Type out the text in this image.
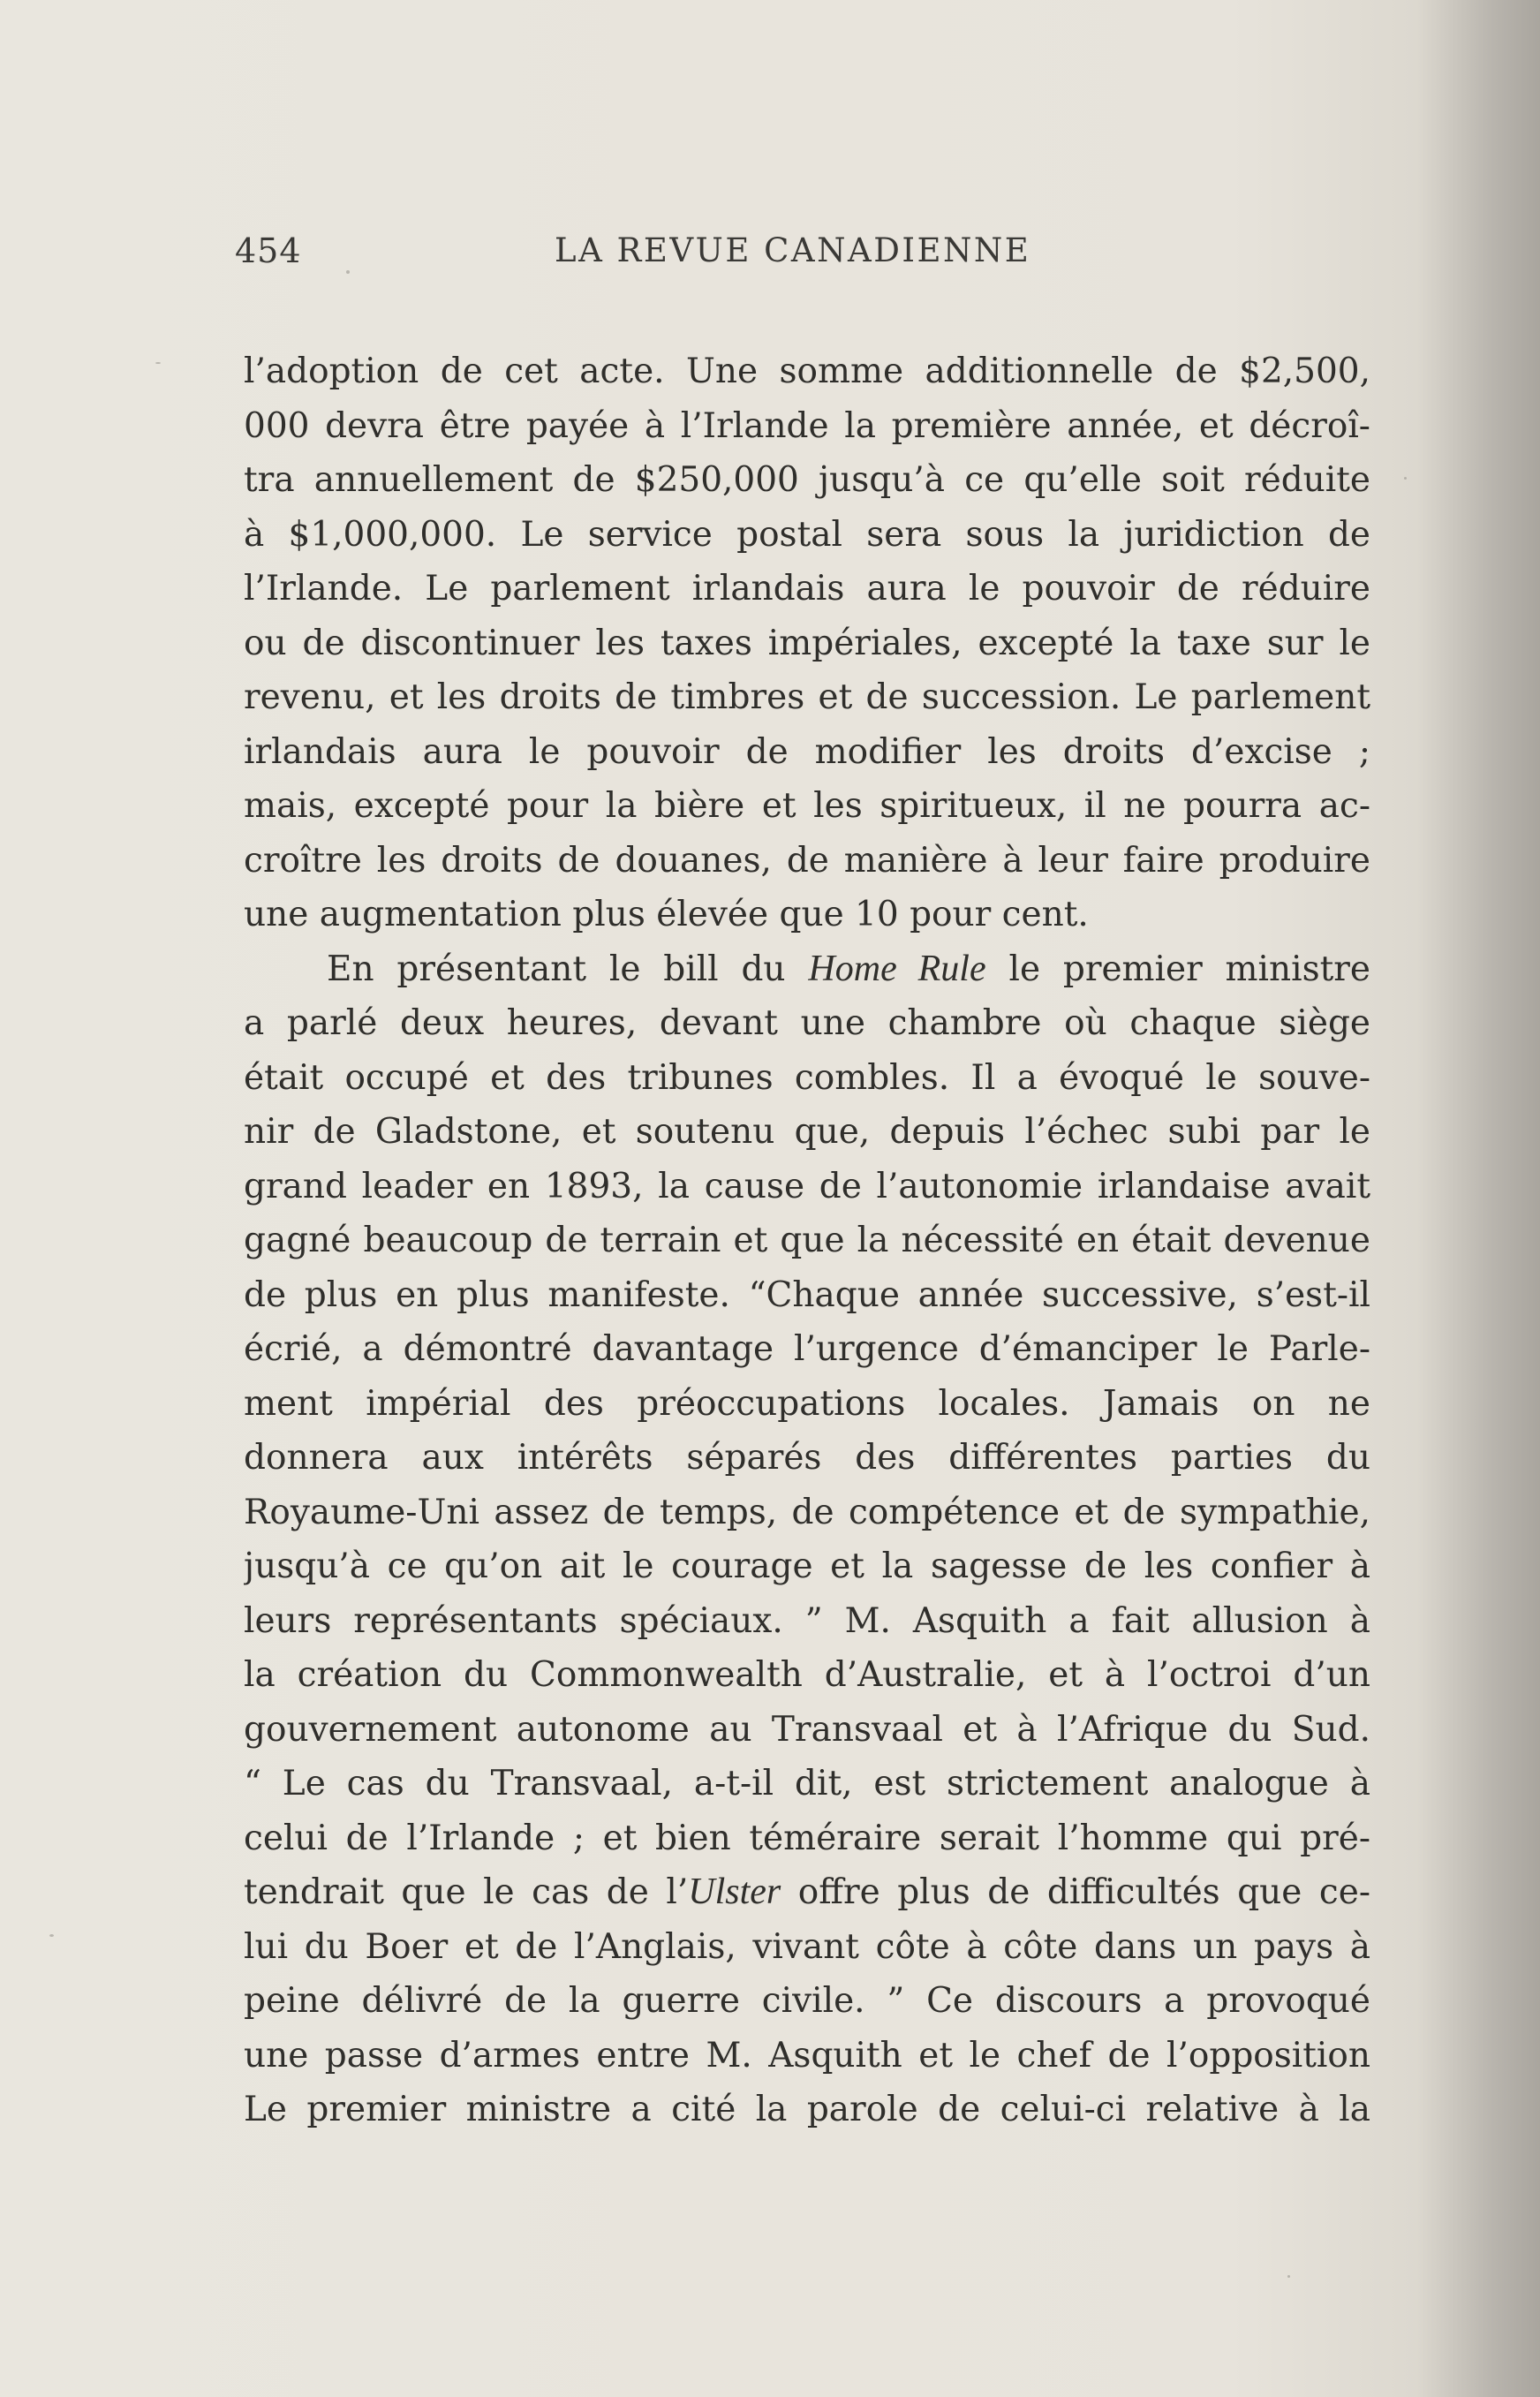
454	LA REVUE CANADIENNE
l’adoption de cet acte. Une somme additionnelle de $2,500,
000 devra être payée à l’Irlande la première année, et décroî-
tra annuellement de $250,000 jusqu’à ce qu’elle soit réduite
à $1,000,000. Le service postal sera sous la juridiction de
l’Irlande. Le parlement irlandais aura le pouvoir de réduire
ou de discontinuer les taxes impériales, excepté la taxe sur le
revenu, et les droits de timbres et de succession. Le parlement
irlandais aura le pouvoir de modifier les droits d’excise ;
mais, excepté pour la bière et les spiritueux, il ne pourra ac-
croître les droits de douanes, de manière à leur faire produire
une augmentation plus élevée que 10 pour cent.
En présentant le bill du Home Rule le premier ministre
a parlé deux heures, devant une chambre où chaque siège
était occupé et des tribunes combles. Il a évoqué le souve-
nir de Gladstone, et soutenu que, depuis l’échec subi par le
grand leader en 1893, la cause de l’autonomie irlandaise avait
gagné beaucoup de terrain et que la nécessité en était devenue
de plus en plus manifeste. “Chaque année successive, s’est-il
écrié, a démontré davantage l’urgence d’émanciper le Parle-
ment impérial des préoccupations locales. Jamais on ne
donnera aux intérêts séparés des différentes parties du
Royaume-Uni assez de temps, de compétence et de sympathie,
jusqu’à ce qu’on ait le courage et la sagesse de les confier à
leurs représentants spéciaux. ” M. Asquith a fait allusion à
la création du Commonwealth d’Australie, et à l’octroi d’un
gouvernement autonome au Transvaal et à l’Afrique du Sud.
“ Le cas du Transvaal, a-t-il dit, est strictement analogue à
celui de l’Irlande ; et bien téméraire serait l’homme qui pré-
tendrait que le cas de l’Ulster offre plus de difficultés que ce-
lui du Boer et de l’Anglais, vivant côte à côte dans un pays à
peine délivré de la guerre civile. ” Ce discours a provoqué
une passe d’armes entre M. Asquith et le chef de l’opposition
Le premier ministre a cité la parole de celui-ci relative à la
